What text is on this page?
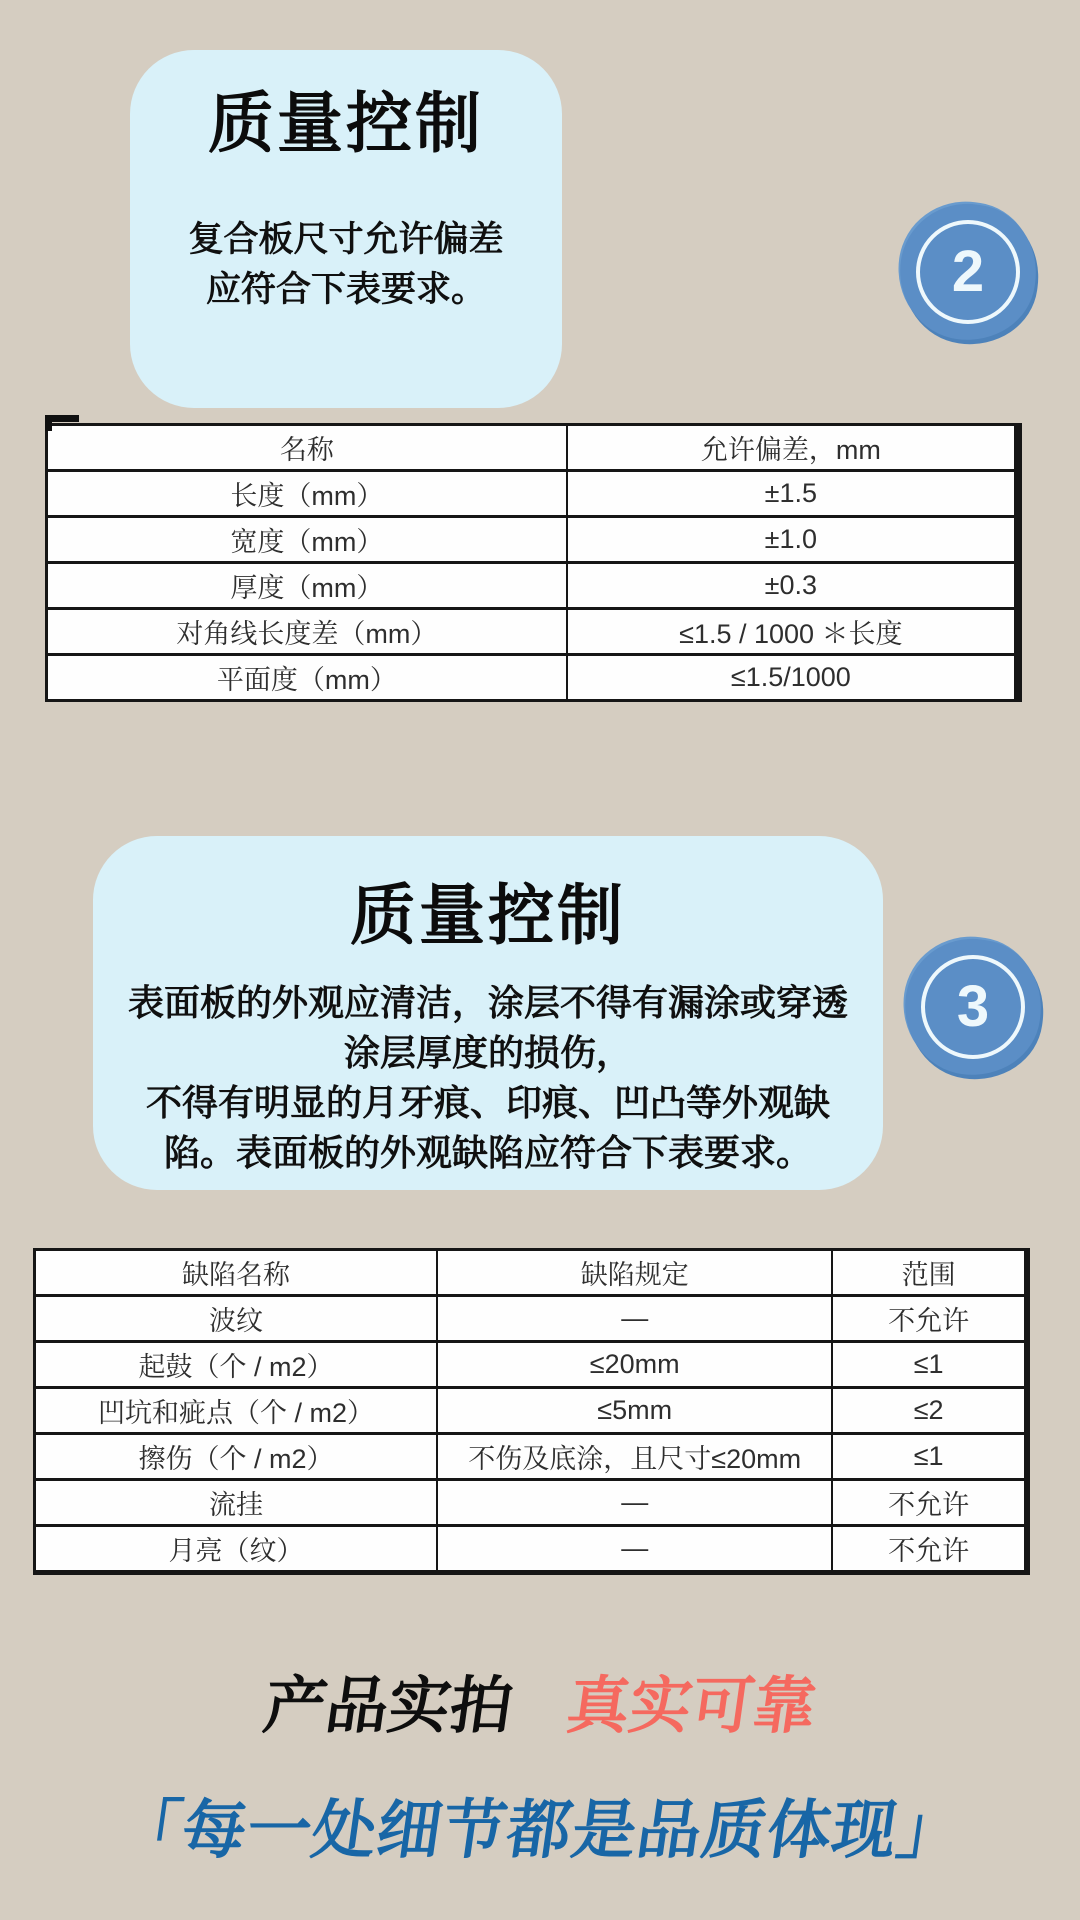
质量控制
复合板尺寸允许偏差
应符合下表要求。	2
名称	允许偏差，mm
长度（mm）	±1.5
宽度（mm）	±1.0
厚度（mm）	±0.3
对角线长度差（mm）	≤1.5 / 1000 ＊长度
平面度（mm）	≤1.5/1000
质量控制
表面板的外观应清洁，涂层不得有漏涂或穿透
涂层厚度的损伤，
不得有明显的月牙痕、印痕、凹凸等外观缺
陷。表面板的外观缺陷应符合下表要求。
3
缺陷名称	缺陷规定	范围
波纹	—	不允许
起鼓（个 / m2）	≤20mm	≤1
凹坑和疵点（个 / m2）	≤5mm	≤2
擦伤（个 / m2）	不伤及底涂，且尺寸≤20mm	≤1
流挂	—	不允许
月亮（纹）	—	不允许
产品实拍 真实可靠
「每一处细节都是品质体现」
